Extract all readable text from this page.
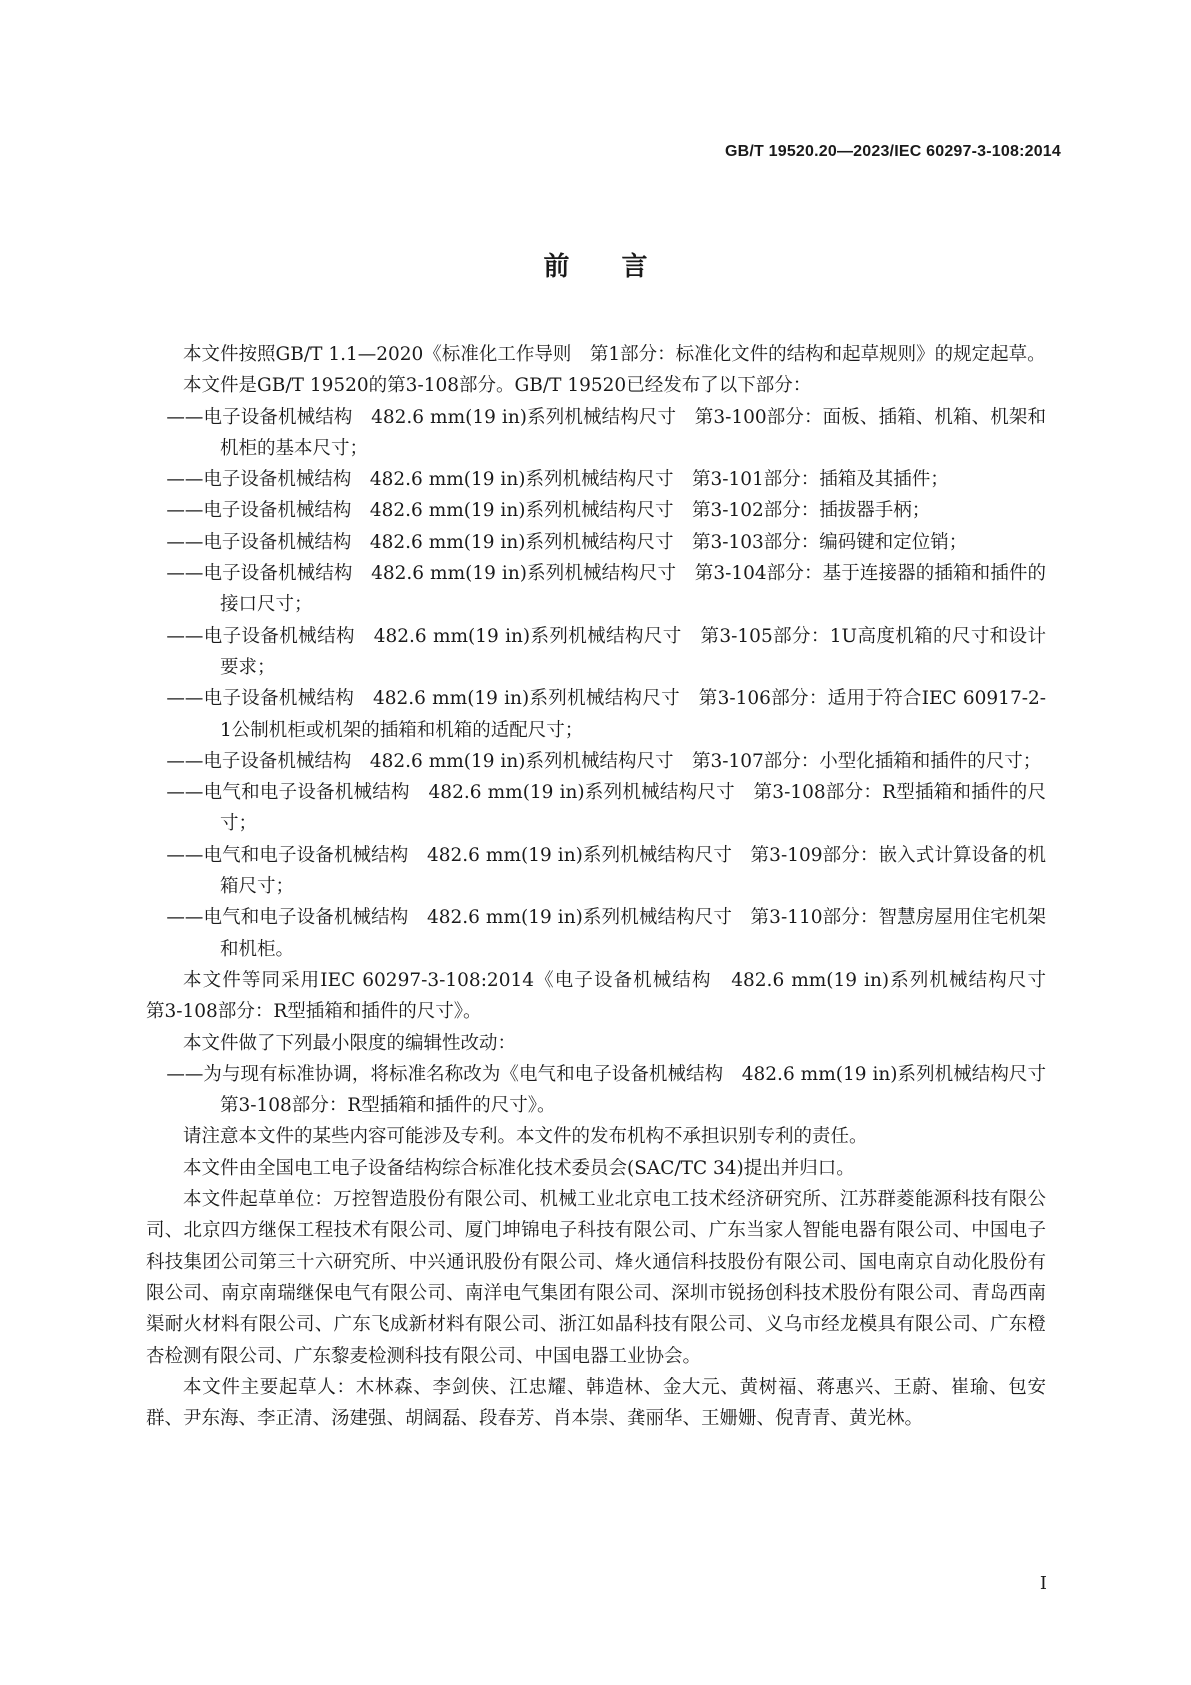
GB/T 19520.20—2023/IEC 60297-3-108:2014
前言

本文件按照GB/T 1.1—2020《标准化工作导则　第1部分：标准化文件的结构和起草规则》的规定起草。

本文件是GB/T 19520的第3-108部分。GB/T 19520已经发布了以下部分：

——电子设备机械结构　482.6 mm(19 in)系列机械结构尺寸　第3-100部分：面板、插箱、机箱、机架和机柜的基本尺寸；

——电子设备机械结构　482.6 mm(19 in)系列机械结构尺寸　第3-101部分：插箱及其插件；

——电子设备机械结构　482.6 mm(19 in)系列机械结构尺寸　第3-102部分：插拔器手柄；

——电子设备机械结构　482.6 mm(19 in)系列机械结构尺寸　第3-103部分：编码键和定位销；

——电子设备机械结构　482.6 mm(19 in)系列机械结构尺寸　第3-104部分：基于连接器的插箱和插件的接口尺寸；

——电子设备机械结构　482.6 mm(19 in)系列机械结构尺寸　第3-105部分：1U高度机箱的尺寸和设计要求；

——电子设备机械结构　482.6 mm(19 in)系列机械结构尺寸　第3-106部分：适用于符合IEC 60917-2-1公制机柜或机架的插箱和机箱的适配尺寸；

——电子设备机械结构　482.6 mm(19 in)系列机械结构尺寸　第3-107部分：小型化插箱和插件的尺寸；

——电气和电子设备机械结构　482.6 mm(19 in)系列机械结构尺寸　第3-108部分：R型插箱和插件的尺寸；

——电气和电子设备机械结构　482.6 mm(19 in)系列机械结构尺寸　第3-109部分：嵌入式计算设备的机箱尺寸；

——电气和电子设备机械结构　482.6 mm(19 in)系列机械结构尺寸　第3-110部分：智慧房屋用住宅机架和机柜。

本文件等同采用IEC 60297-3-108:2014《电子设备机械结构　482.6 mm(19 in)系列机械结构尺寸　第3-108部分：R型插箱和插件的尺寸》。

本文件做了下列最小限度的编辑性改动：

——为与现有标准协调，将标准名称改为《电气和电子设备机械结构　482.6 mm(19 in)系列机械结构尺寸　第3-108部分：R型插箱和插件的尺寸》。

请注意本文件的某些内容可能涉及专利。本文件的发布机构不承担识别专利的责任。

本文件由全国电工电子设备结构综合标准化技术委员会(SAC/TC 34)提出并归口。

本文件起草单位：万控智造股份有限公司、机械工业北京电工技术经济研究所、江苏群菱能源科技有限公司、北京四方继保工程技术有限公司、厦门坤锦电子科技有限公司、广东当家人智能电器有限公司、中国电子科技集团公司第三十六研究所、中兴通讯股份有限公司、烽火通信科技股份有限公司、国电南京自动化股份有限公司、南京南瑞继保电气有限公司、南洋电气集团有限公司、深圳市锐扬创科技术股份有限公司、青岛西南渠耐火材料有限公司、广东飞成新材料有限公司、浙江如晶科技有限公司、义乌市经龙模具有限公司、广东橙杏检测有限公司、广东黎麦检测科技有限公司、中国电器工业协会。

本文件主要起草人：木林森、李剑侠、江忠耀、韩造林、金大元、黄树福、蒋惠兴、王蔚、崔瑜、包安群、尹东海、李正清、汤建强、胡阔磊、段春芳、肖本崇、龚丽华、王姗姗、倪青青、黄光林。

I
